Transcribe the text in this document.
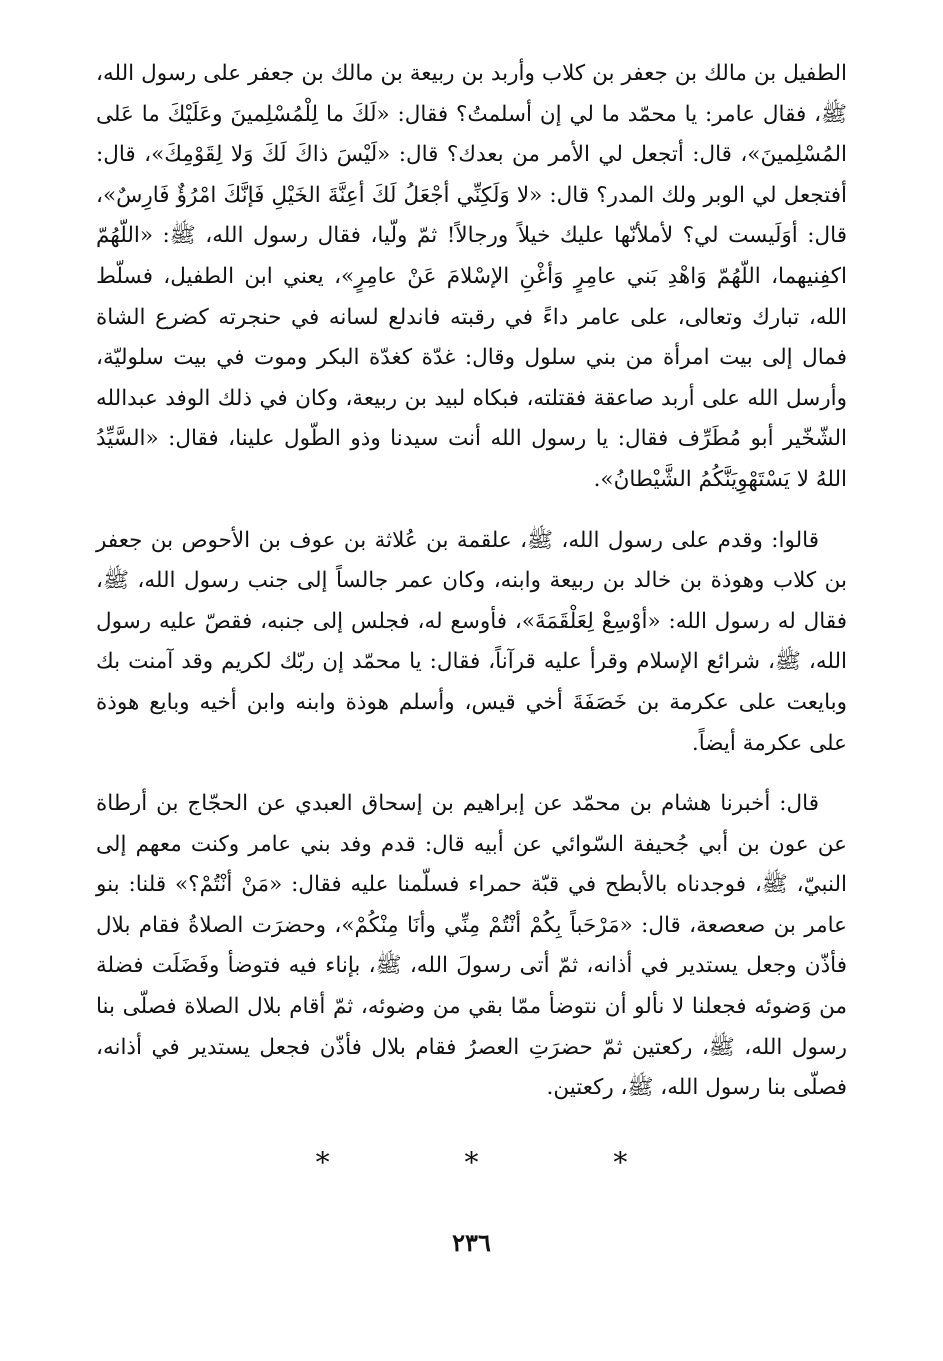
الطفيل بن مالك بن جعفر بن كلاب وأربد بن ربيعة بن مالك بن جعفر على رسول الله، ﷺ، فقال عامر: يا محمّد ما لي إن أسلمتُ؟ فقال: «لَكَ ما لِلْمُسْلِمينَ وعَلَيْكَ ما عَلى المُسْلِمينَ»، قال: أتجعل لي الأمر من بعدك؟ قال: «لَيْسَ ذاكَ لَكَ وَلا لِقَوْمِكَ»، قال: أفتجعل لي الوبر ولك المدر؟ قال: «لا وَلَكِنِّي أجْعَلُ لَكَ أعِنَّةَ الخَيْلِ فَإنَّكَ امْرُؤٌ فَارِسٌ»، قال: أوَلَيست لي؟ لأملأنّها عليك خيلاً ورجالاً! ثمّ ولّيا، فقال رسول الله، ﷺ: «اللّهُمّ اكفِنيهما، اللّهُمّ وَاهْدِ بَني عامِرٍ وَأغْنِ الإسْلامَ عَنْ عامِرٍ»، يعني ابن الطفيل، فسلّط الله، تبارك وتعالى، على عامر داءً في رقبته فاندلع لسانه في حنجرته كضرع الشاة فمال إلى بيت امرأة من بني سلول وقال: غدّة كغدّة البكر وموت في بيت سلوليّة، وأرسل الله على أربد صاعقة فقتلته، فبكاه لبيد بن ربيعة، وكان في ذلك الوفد عبدالله الشّخّير أبو مُطَرِّف فقال: يا رسول الله أنت سيدنا وذو الطّول علينا، فقال: «السَّيِّدُ اللهُ لا يَسْتَهْوِيَنَّكُمُ الشَّيْطانُ».

قالوا: وقدم على رسول الله، ﷺ، علقمة بن عُلاثة بن عوف بن الأحوص بن جعفر بن كلاب وهوذة بن خالد بن ربيعة وابنه، وكان عمر جالساً إلى جنب رسول الله، ﷺ، فقال له رسول الله: «أوْسِعْ لِعَلْقَمَةَ»، فأوسع له، فجلس إلى جنبه، فقصّ عليه رسول الله، ﷺ، شرائع الإسلام وقرأ عليه قرآناً، فقال: يا محمّد إن ربّك لكريم وقد آمنت بك وبايعت على عكرمة بن خَصَفَةَ أخي قيس، وأسلم هوذة وابنه وابن أخيه وبايع هوذة على عكرمة أيضاً.

قال: أخبرنا هشام بن محمّد عن إبراهيم بن إسحاق العبدي عن الحجّاج بن أرطاة عن عون بن أبي جُحيفة السّوائي عن أبيه قال: قدم وفد بني عامر وكنت معهم إلى النبيّ، ﷺ، فوجدناه بالأبطح في قبّة حمراء فسلّمنا عليه فقال: «مَنْ أنْتُمْ؟» قلنا: بنو عامر بن صعصعة، قال: «مَرْحَباً بِكُمْ أنْتُمْ مِنِّي وأنَا مِنْكُمْ»، وحضرَت الصلاةُ فقام بلال فأذّن وجعل يستدير في أذانه، ثمّ أتى رسولَ الله، ﷺ، بإناء فيه فتوضأ وفَضَلَت فضلة من وَضوئه فجعلنا لا نألو أن نتوضأ ممّا بقي من وضوئه، ثمّ أقام بلال الصلاة فصلّى بنا رسول الله، ﷺ، ركعتين ثمّ حضرَتِ العصرُ فقام بلال فأذّن فجعل يستدير في أذانه، فصلّى بنا رسول الله، ﷺ، ركعتين.

*	*	*
٢٣٦
